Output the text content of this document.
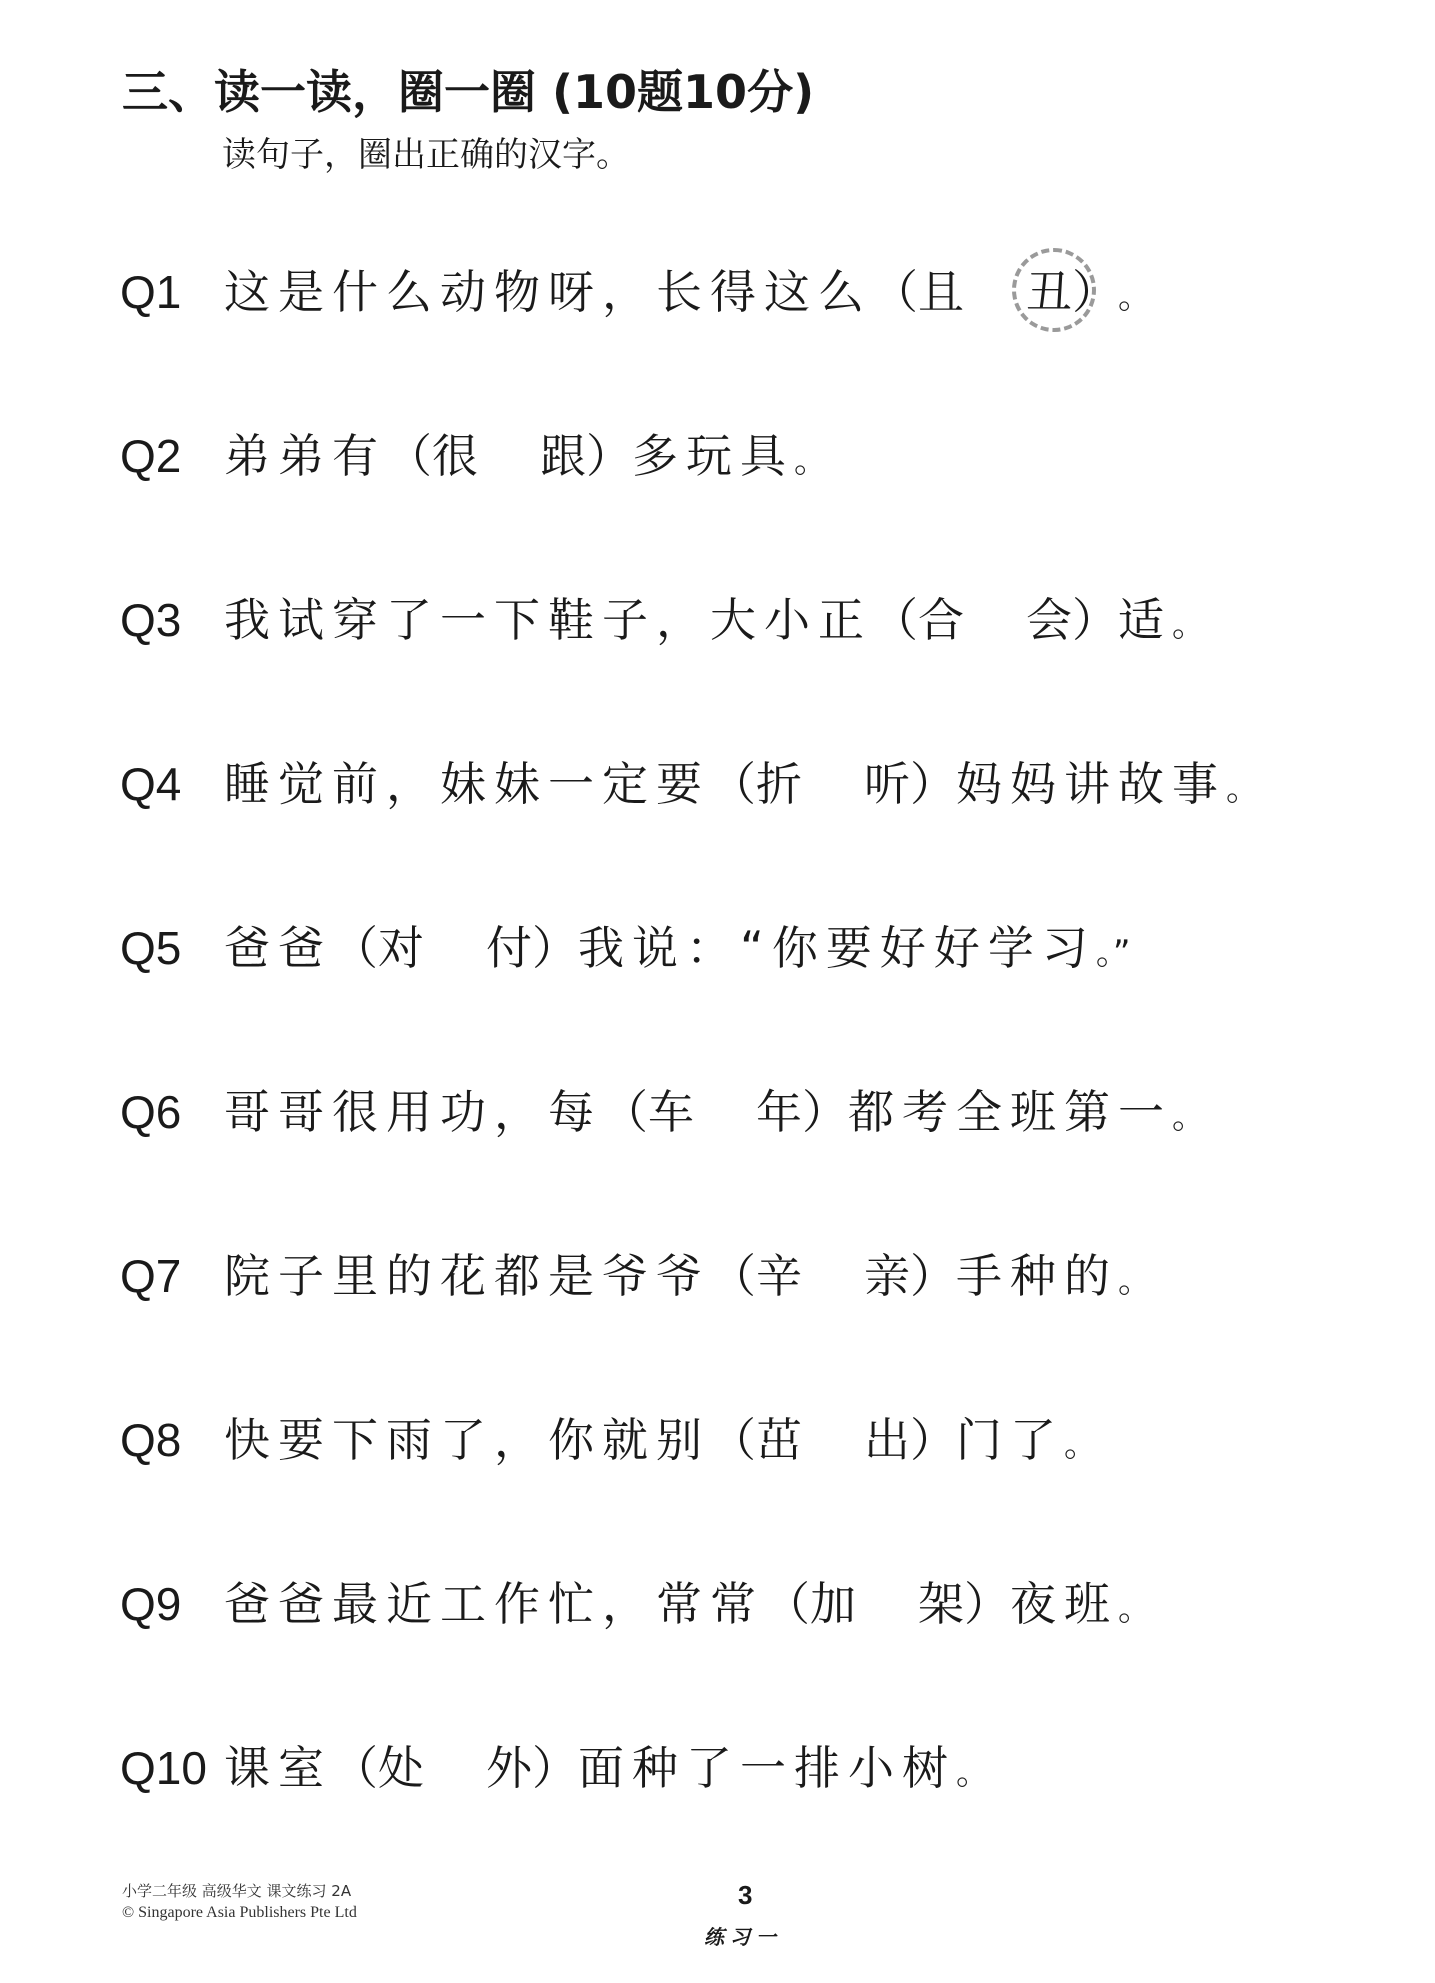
三、读一读，圈一圈 (10题10分)
读句子，圈出正确的汉字。
Q1 这是什么动物呀，长得这么（且 丑）。
Q2 弟弟有（很 跟）多玩具。
Q3 我试穿了一下鞋子，大小正（合 会）适。
Q4 睡觉前，妹妹一定要（折 听）妈妈讲故事。
Q5 爸爸（对 付）我说：“你要好好学习。”
Q6 哥哥很用功，每（车 年）都考全班第一。
Q7 院子里的花都是爷爷（辛 亲）手种的。
Q8 快要下雨了，你就别（茁 出）门了。
Q9 爸爸最近工作忙，常常（加 架）夜班。
Q10 课室（处 外）面种了一排小树。
小学二年级 高级华文 课文练习 2A
© Singapore Asia Publishers Pte Ltd
3
练习一
